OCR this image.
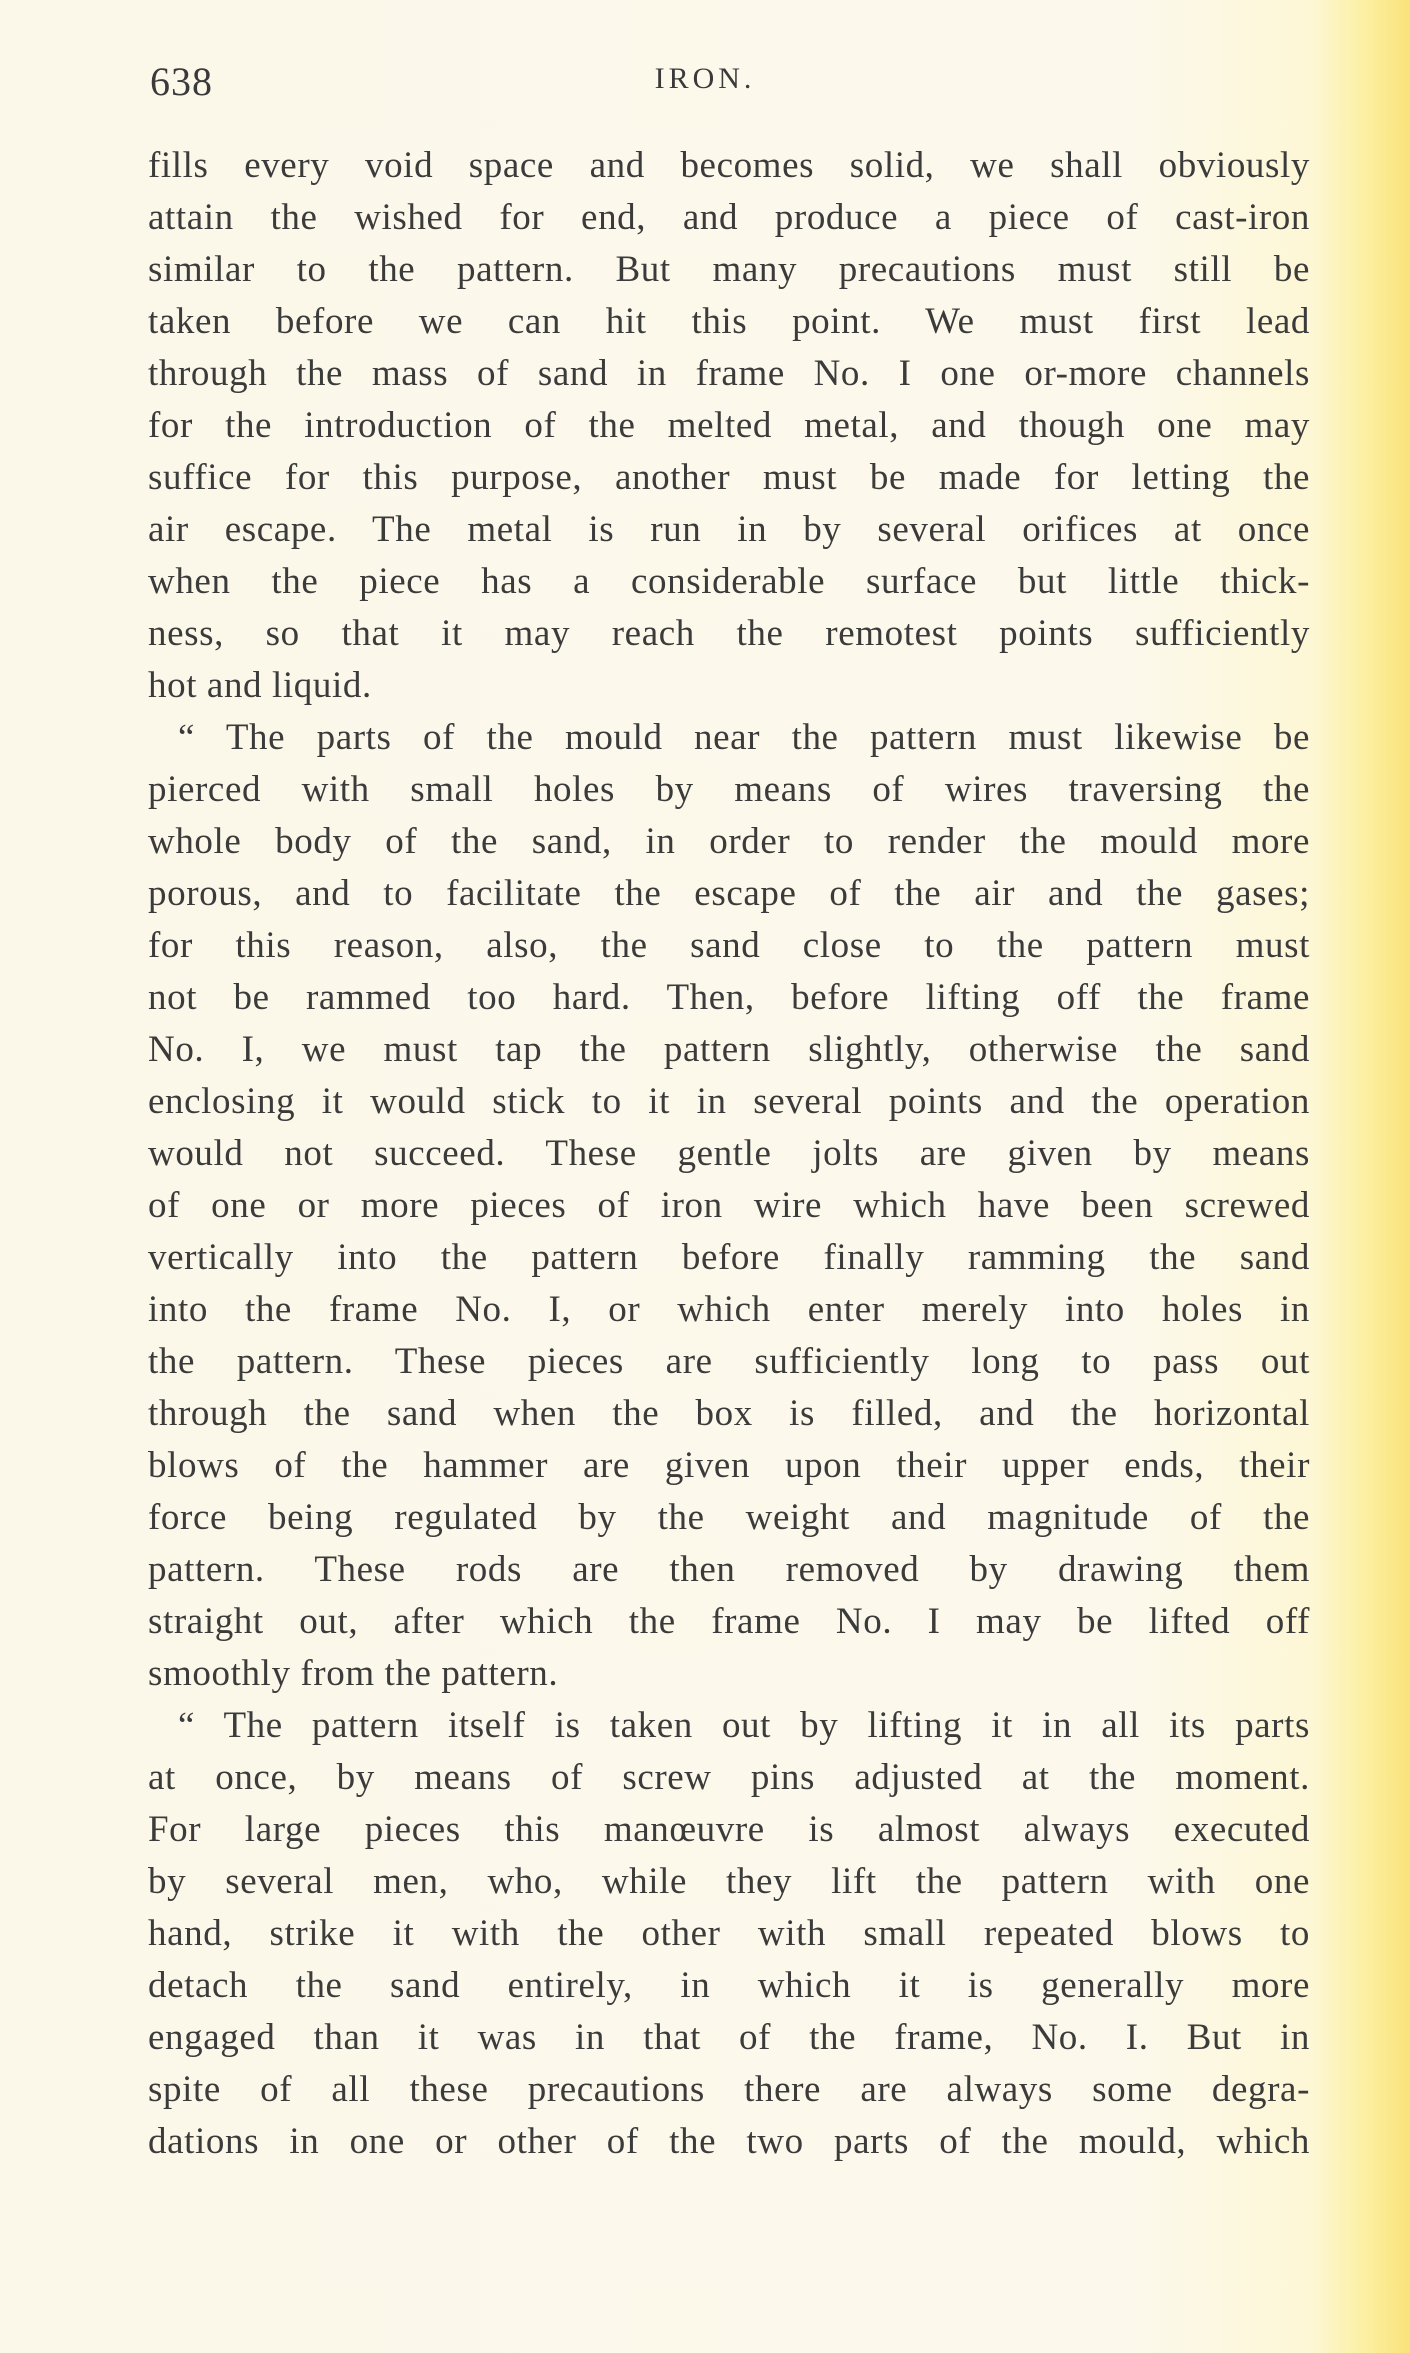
638	IRON.
fills every void space and becomes solid, we shall obviously
attain the wished for end, and produce a piece of cast-iron
similar to the pattern. But many precautions must still be
taken before we can hit this point. We must first lead
through the mass of sand in frame No. I one or-more channels
for the introduction of the melted metal, and though one may
suffice for this purpose, another must be made for letting the
air escape. The metal is run in by several orifices at once
when the piece has a considerable surface but little thick-
ness, so that it may reach the remotest points sufficiently
hot and liquid.
“ The parts of the mould near the pattern must likewise be
pierced with small holes by means of wires traversing the
whole body of the sand, in order to render the mould more
porous, and to facilitate the escape of the air and the gases;
for this reason, also, the sand close to the pattern must
not be rammed too hard. Then, before lifting off the frame
No. I, we must tap the pattern slightly, otherwise the sand
enclosing it would stick to it in several points and the operation
would not succeed. These gentle jolts are given by means
of one or more pieces of iron wire which have been screwed
vertically into the pattern before finally ramming the sand
into the frame No. I, or which enter merely into holes in
the pattern. These pieces are sufficiently long to pass out
through the sand when the box is filled, and the horizontal
blows of the hammer are given upon their upper ends, their
force being regulated by the weight and magnitude of the
pattern. These rods are then removed by drawing them
straight out, after which the frame No. I may be lifted off
smoothly from the pattern.
“ The pattern itself is taken out by lifting it in all its parts
at once, by means of screw pins adjusted at the moment.
For large pieces this manœuvre is almost always executed
by several men, who, while they lift the pattern with one
hand, strike it with the other with small repeated blows to
detach the sand entirely, in which it is generally more
engaged than it was in that of the frame, No. I. But in
spite of all these precautions there are always some degra-
dations in one or other of the two parts of the mould, which
